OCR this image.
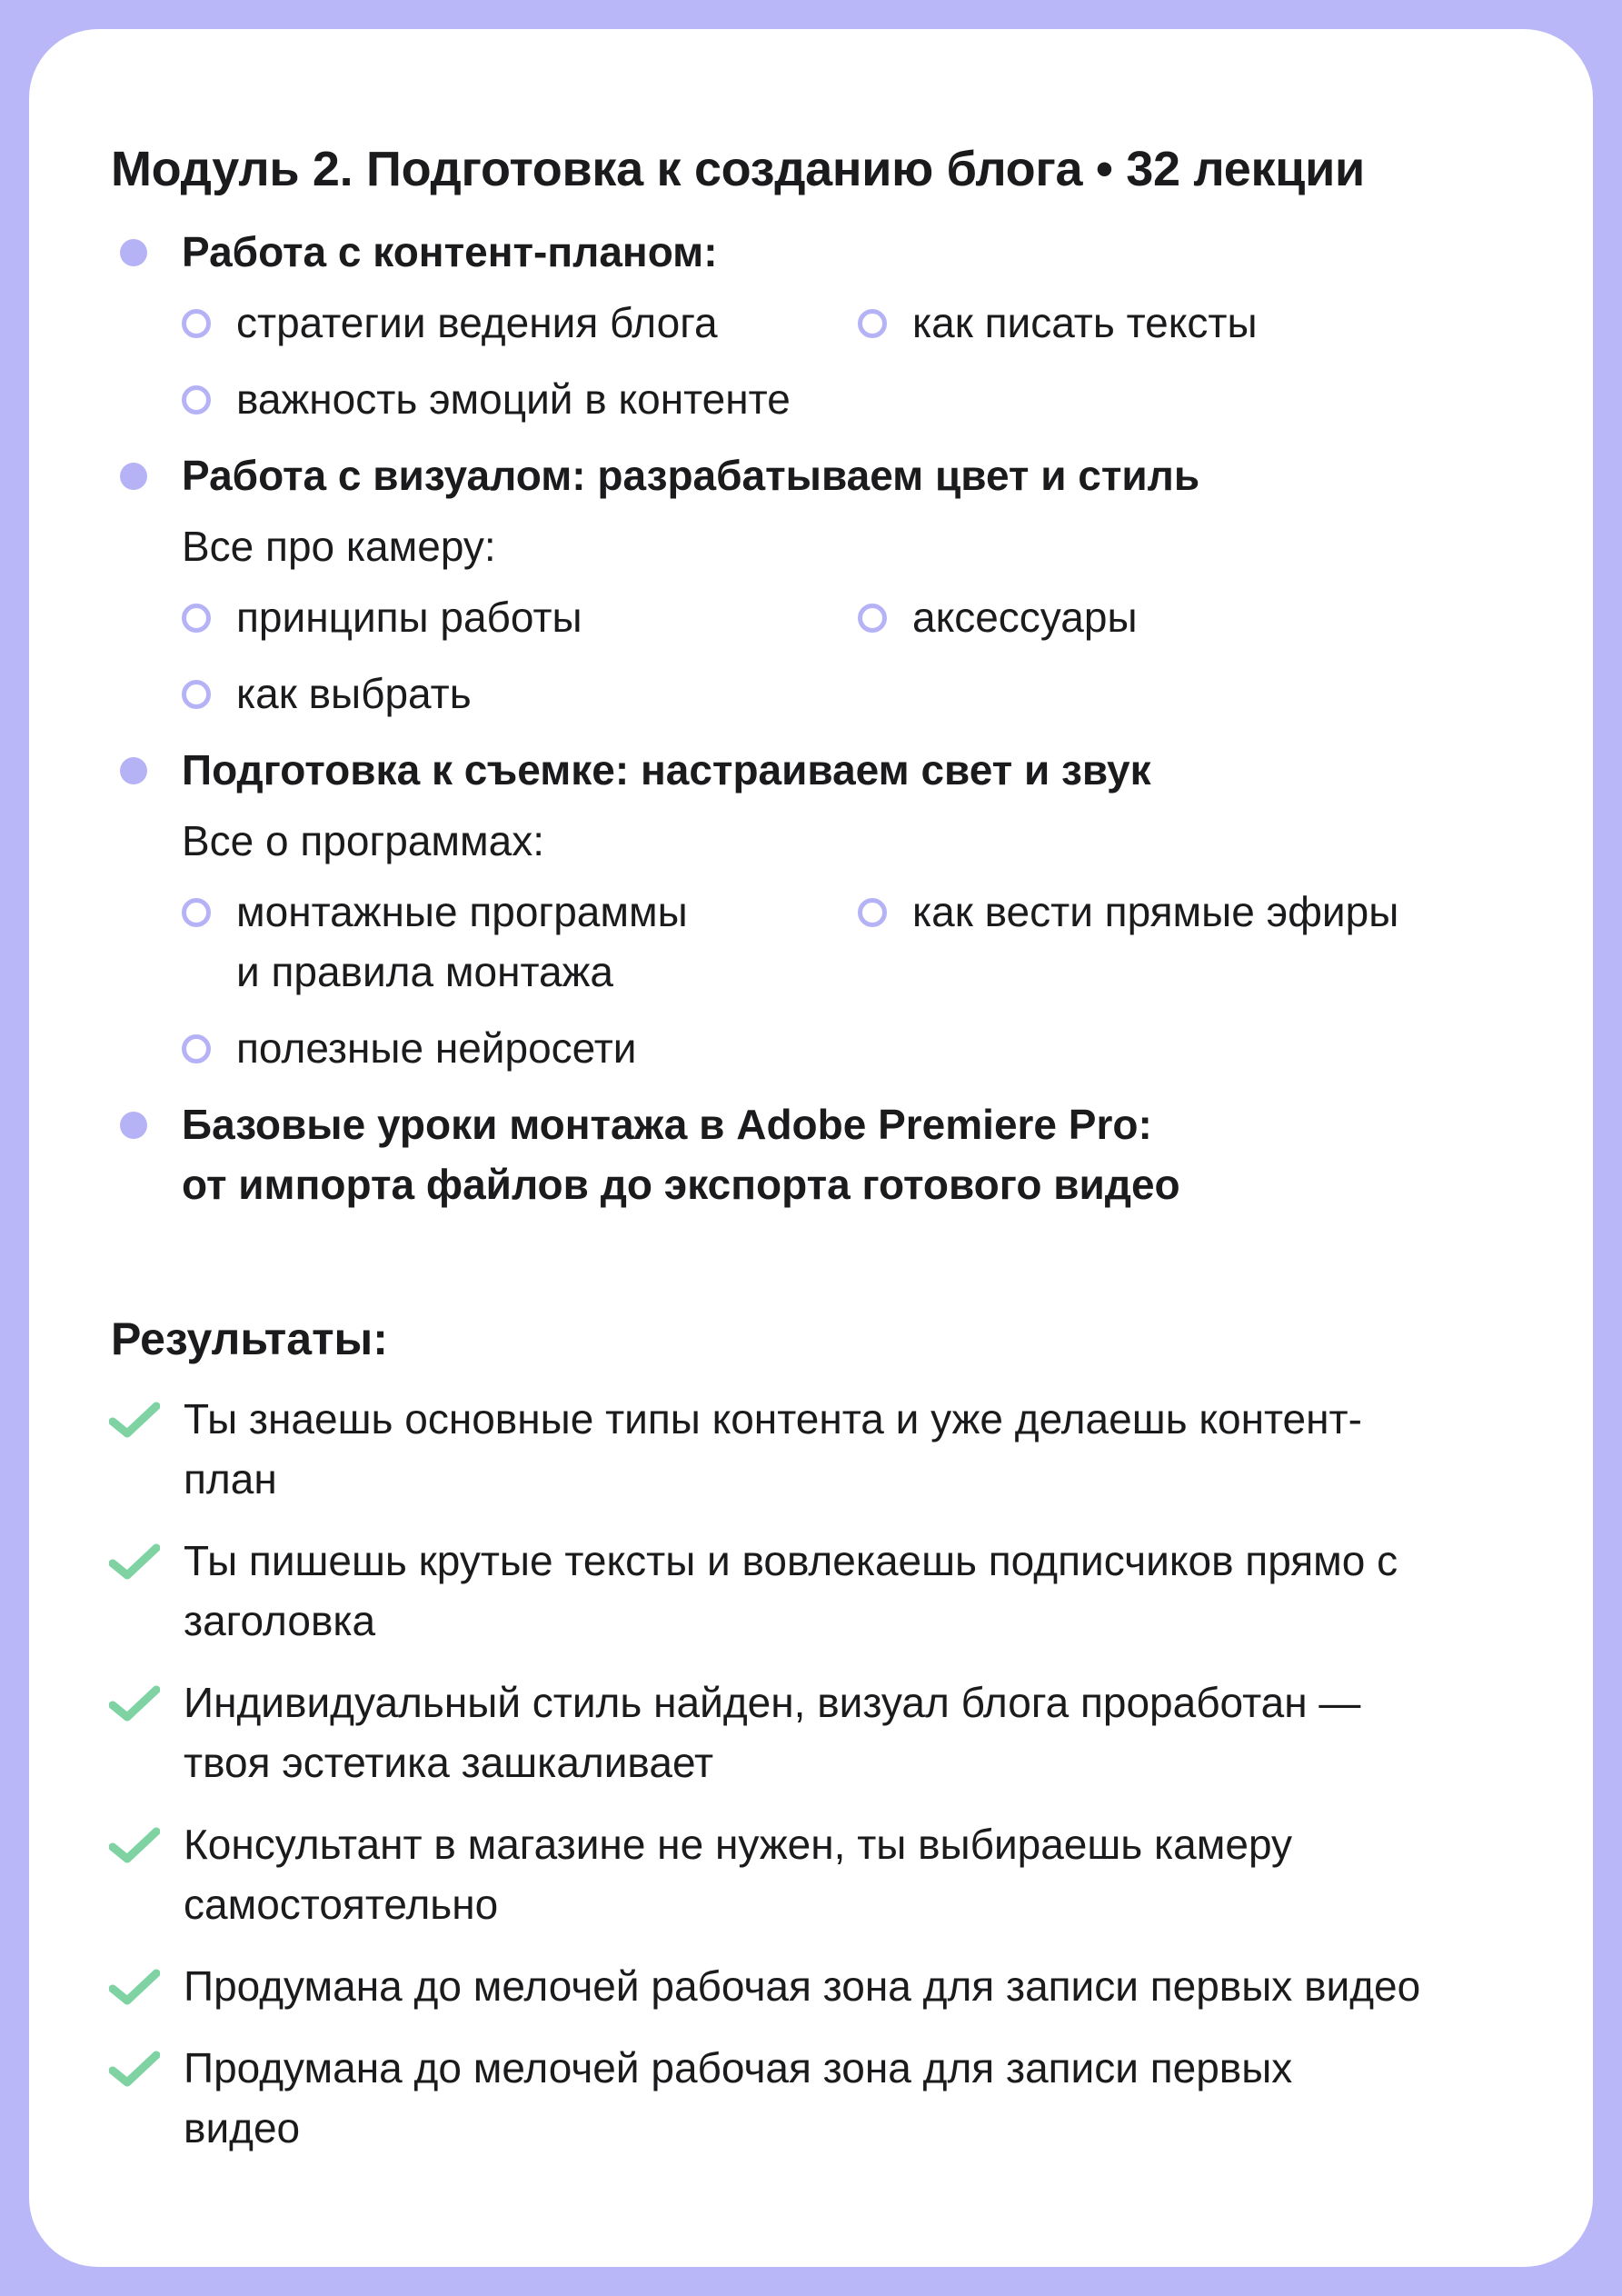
Модуль 2. Подготовка к созданию блога • 32 лекции
Работа с контент-планом:
стратегии ведения блога	как писать тексты
важность эмоций в контенте
Работа с визуалом: разрабатываем цвет и стиль
Все про камеру:
принципы работы	аксессуары
как выбрать
Подготовка к съемке: настраиваем свет и звук
Все о программах:
монтажные программы
и правила монтажа
как вести прямые эфиры
полезные нейросети
Базовые уроки монтажа в Adobe Premiere Pro:
от импорта файлов до экспорта готового видео
Результаты:
Ты знаешь основные типы контента и уже делаешь контент-
план
Ты пишешь крутые тексты и вовлекаешь подписчиков прямо с
заголовка
Индивидуальный стиль найден, визуал блога проработан —
твоя эстетика зашкаливает
Консультант в магазине не нужен, ты выбираешь камеру
самостоятельно
Продумана до мелочей рабочая зона для записи первых видео
Продумана до мелочей рабочая зона для записи первых
видео
